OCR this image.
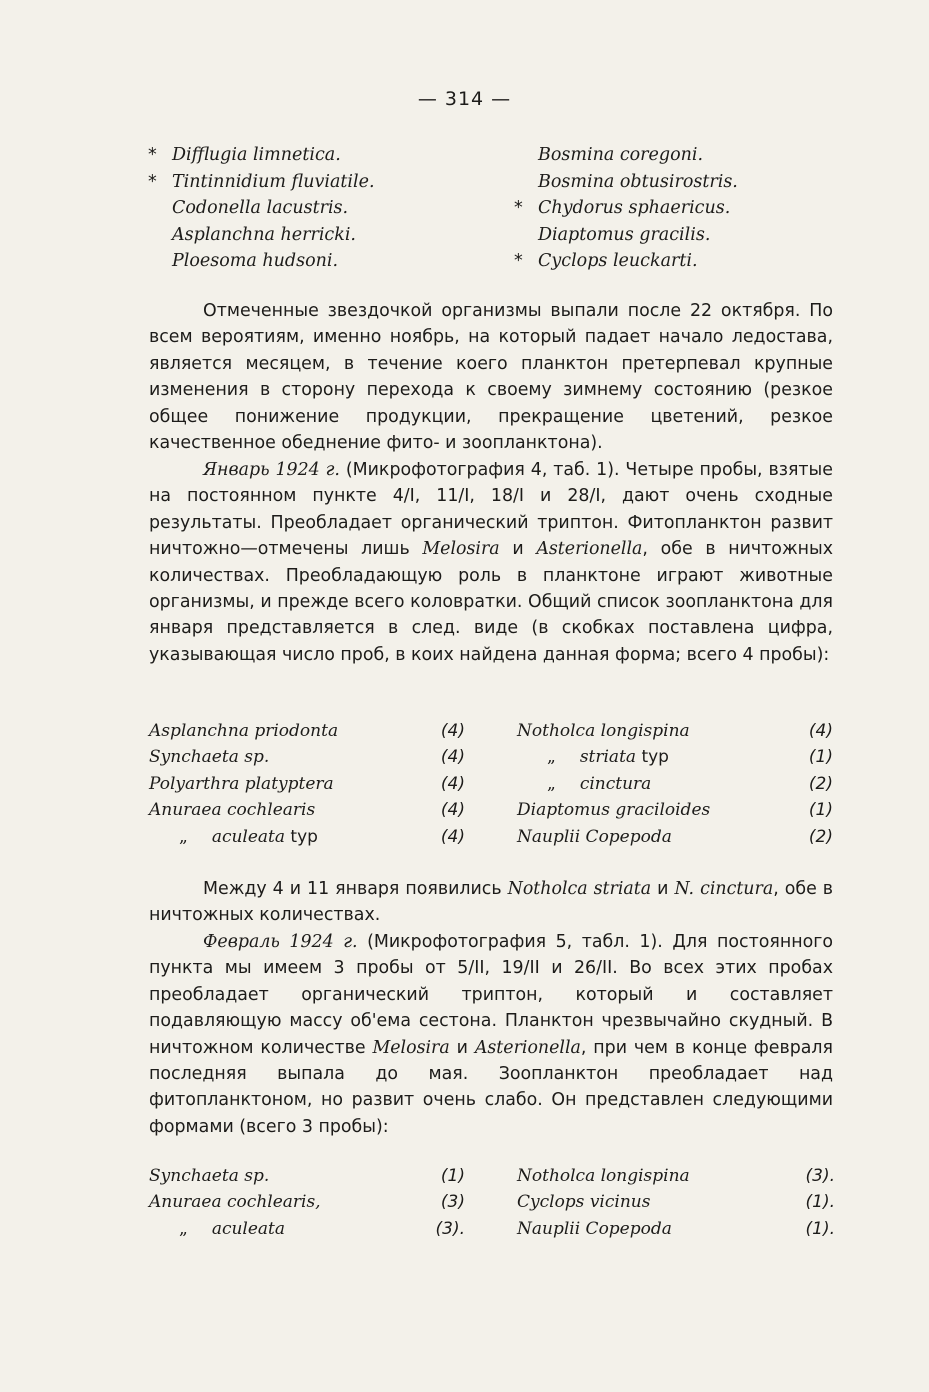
— 314 —
* Difflugia limnetica.
* Tintinnidium fluviatile.
Codonella lacustris.
Asplanchna herricki.
Ploesoma hudsoni.
Bosmina coregoni.
Bosmina obtusirostris.
* Chydorus sphaericus.
Diaptomus gracilis.
* Cyclops leuckarti.

Отмеченные звездочкой организмы выпали после 22 октября. По всем вероятиям, именно ноябрь, на который падает начало ледостава, является месяцем, в течение коего планктон претерпевал крупные изменения в сторону перехода к своему зимнему состоянию (резкое общее понижение продукции, прекращение цветений, резкое качественное обеднение фито- и зоопланктона).

Январь 1924 г. (Микрофотография 4, таб. 1). Четыре пробы, взятые на постоянном пункте 4/I, 11/I, 18/I и 28/I, дают очень сходные результаты. Преобладает органический триптон. Фитопланктон развит ничтожно—отмечены лишь Melosira и Asterionella, обе в ничтожных количествах. Преобладающую роль в планктоне играют животные организмы, и прежде всего коловратки. Общий список зоопланктона для января представляется в след. виде (в скобках поставлена цифра, указывающая число проб, в коих найдена данная форма; всего 4 пробы):

Asplanchna priodonta	(4)
Synchaeta sp.	(4)
Polyarthra platyptera	(4)
Anuraea cochlearis	(4)
„ aculeata typ	(4)
Notholca longispina	(4)
„ striata typ	(1)
„ cinctura	(2)
Diaptomus graciloides	(1)
Nauplii Copepoda	(2)

Между 4 и 11 января появились Notholca striata и N. cinctura, обе в ничтожных количествах.

Февраль 1924 г. (Микрофотография 5, табл. 1). Для постоянного пункта мы имеем 3 пробы от 5/II, 19/II и 26/II. Во всех этих пробах преобладает органический триптон, который и составляет подавляющую массу об'ема сестона. Планктон чрезвычайно скудный. В ничтожном количестве Melosira и Asterionella, при чем в конце февраля последняя выпала до мая. Зоопланктон преобладает над фитопланктоном, но развит очень слабо. Он представлен следующими формами (всего 3 пробы):

Synchaeta sp.	(1)
Anuraea cochlearis,	(3)
„ aculeata	(3).
Notholca longispina	(3).
Cyclops vicinus	(1).
Nauplii Copepoda	(1).
